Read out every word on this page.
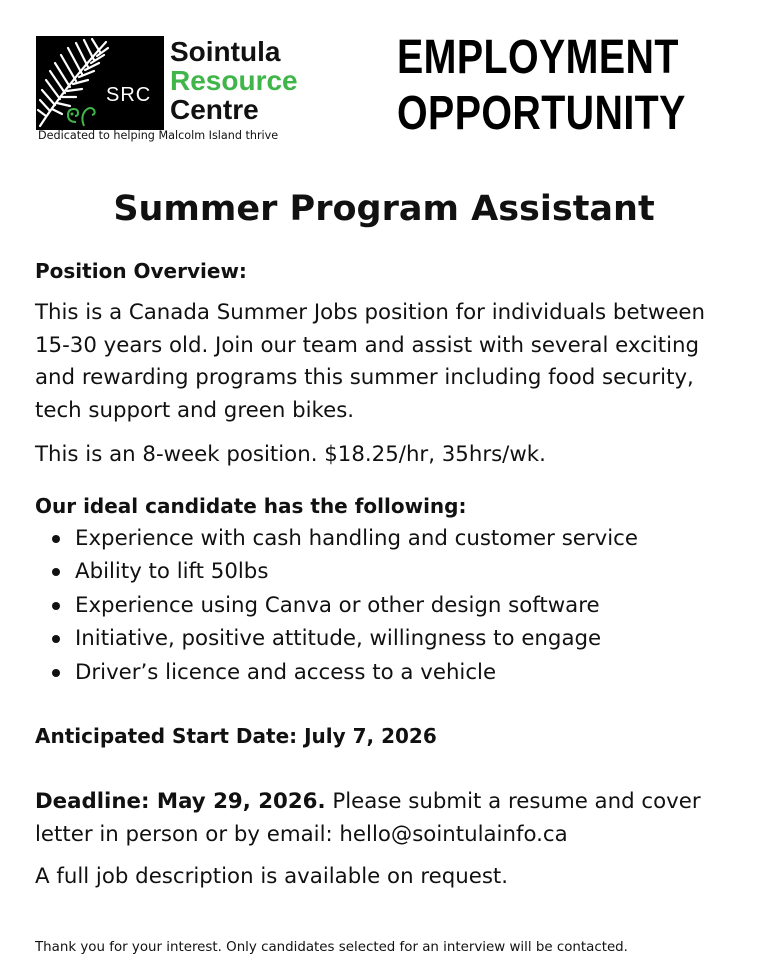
SRC
Sointula
Resource
Centre
Dedicated to helping Malcolm Island thrive
EMPLOYMENT
OPPORTUNITY
Summer Program Assistant
Position Overview:
This is a Canada Summer Jobs position for individuals between 15-30 years old. Join our team and assist with several exciting and rewarding programs this summer including food security, tech support and green bikes.
This is an 8-week position. $18.25/hr, 35hrs/wk.
Our ideal candidate has the following:
Experience with cash handling and customer service
Ability to lift 50lbs
Experience using Canva or other design software
Initiative, positive attitude, willingness to engage
Driver’s licence and access to a vehicle
Anticipated Start Date: July 7, 2026
Deadline: May 29, 2026. Please submit a resume and cover letter in person or by email: hello@sointulainfo.ca
A full job description is available on request.
Thank you for your interest. Only candidates selected for an interview will be contacted.
